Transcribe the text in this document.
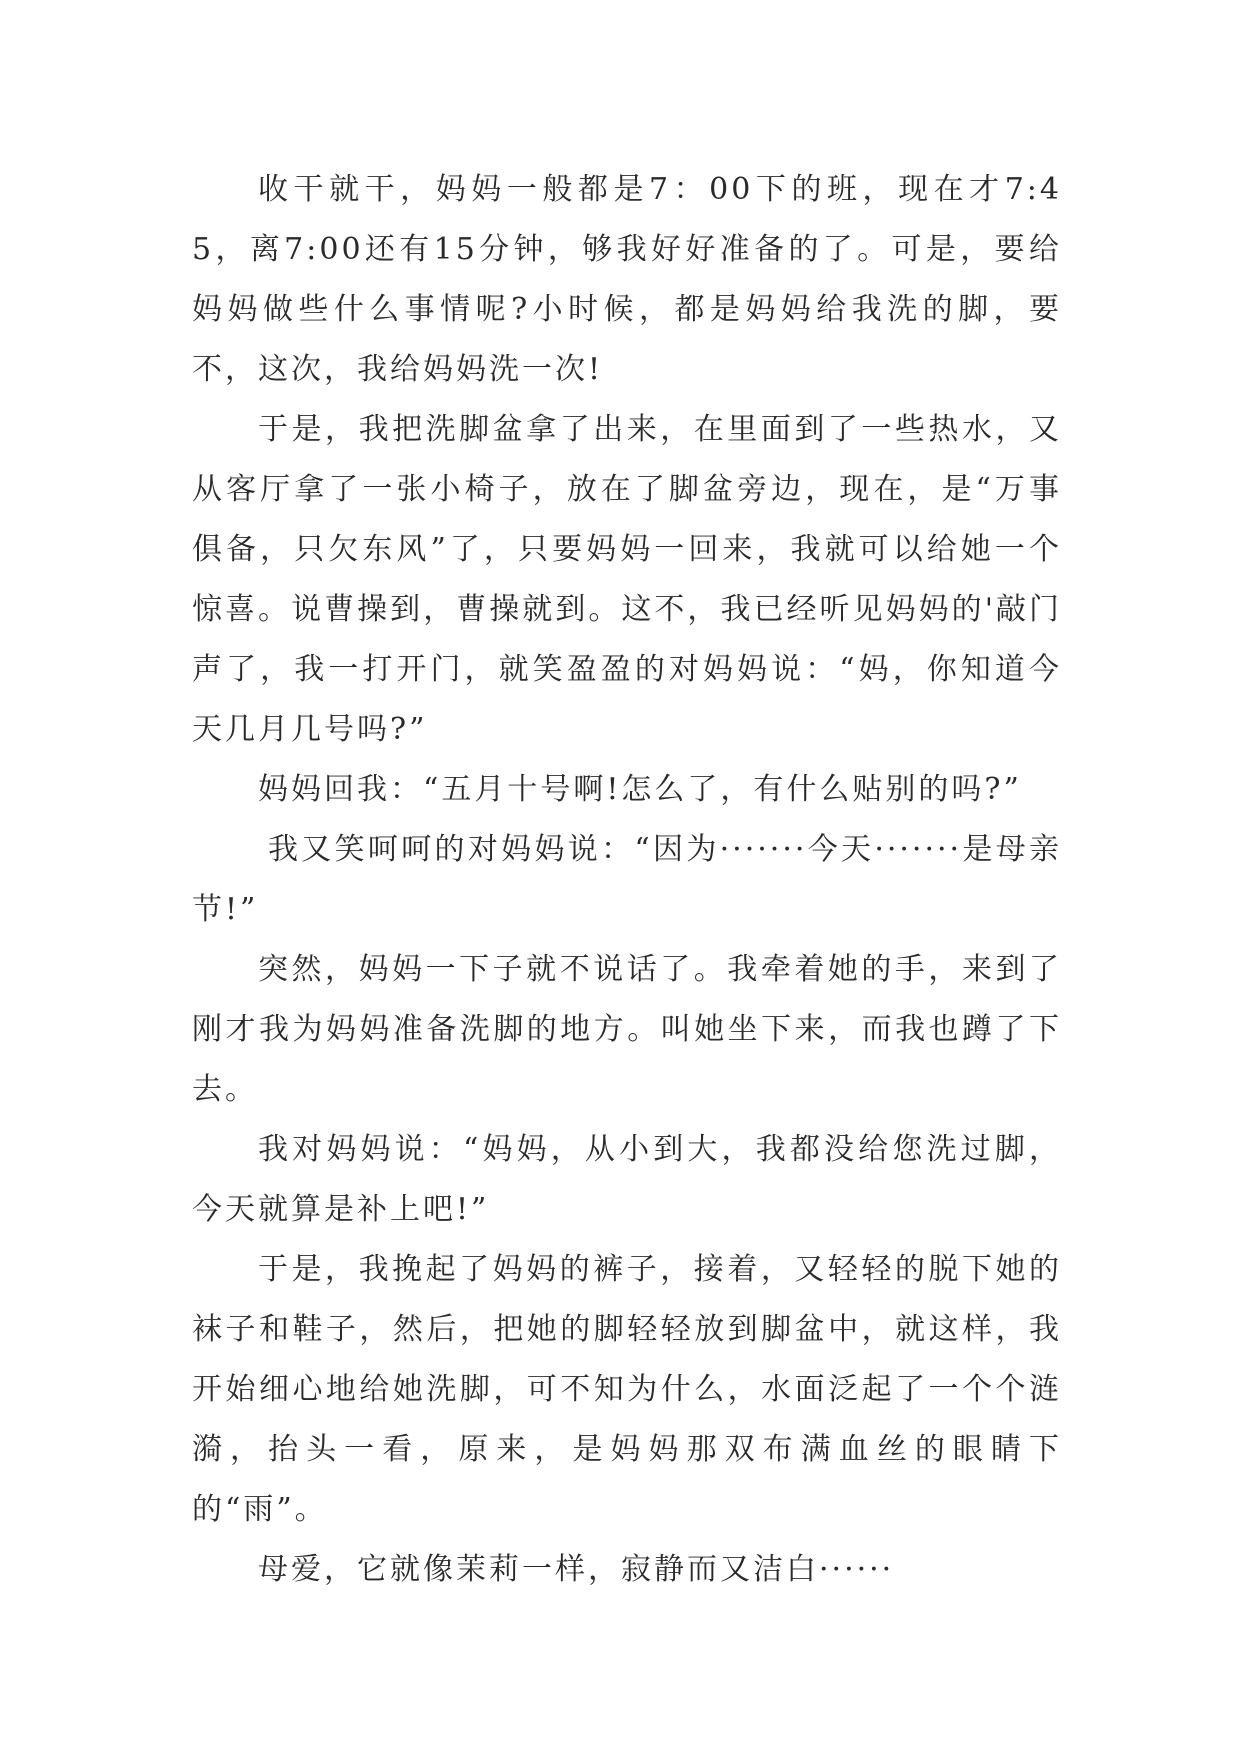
收干就干，妈妈一般都是7：00下的班，现在才7:45，离7:00还有15分钟，够我好好准备的了。可是，要给妈妈做些什么事情呢?小时候，都是妈妈给我洗的脚，要不，这次，我给妈妈洗一次!

于是，我把洗脚盆拿了出来，在里面到了一些热水，又从客厅拿了一张小椅子，放在了脚盆旁边，现在，是“万事俱备，只欠东风”了，只要妈妈一回来，我就可以给她一个惊喜。说曹操到，曹操就到。这不，我已经听见妈妈的'敲门声了，我一打开门，就笑盈盈的对妈妈说：“妈，你知道今天几月几号吗?”

妈妈回我：“五月十号啊!怎么了，有什么贴别的吗?”

我又笑呵呵的对妈妈说：“因为·······今天·······是母亲节!”

突然，妈妈一下子就不说话了。我牵着她的手，来到了刚才我为妈妈准备洗脚的地方。叫她坐下来，而我也蹲了下去。

我对妈妈说：“妈妈，从小到大，我都没给您洗过脚，今天就算是补上吧!”

于是，我挽起了妈妈的裤子，接着，又轻轻的脱下她的袜子和鞋子，然后，把她的脚轻轻放到脚盆中，就这样，我开始细心地给她洗脚，可不知为什么，水面泛起了一个个涟漪，抬头一看，原来，是妈妈那双布满血丝的眼睛下的“雨”。

母爱，它就像茉莉一样，寂静而又洁白······
